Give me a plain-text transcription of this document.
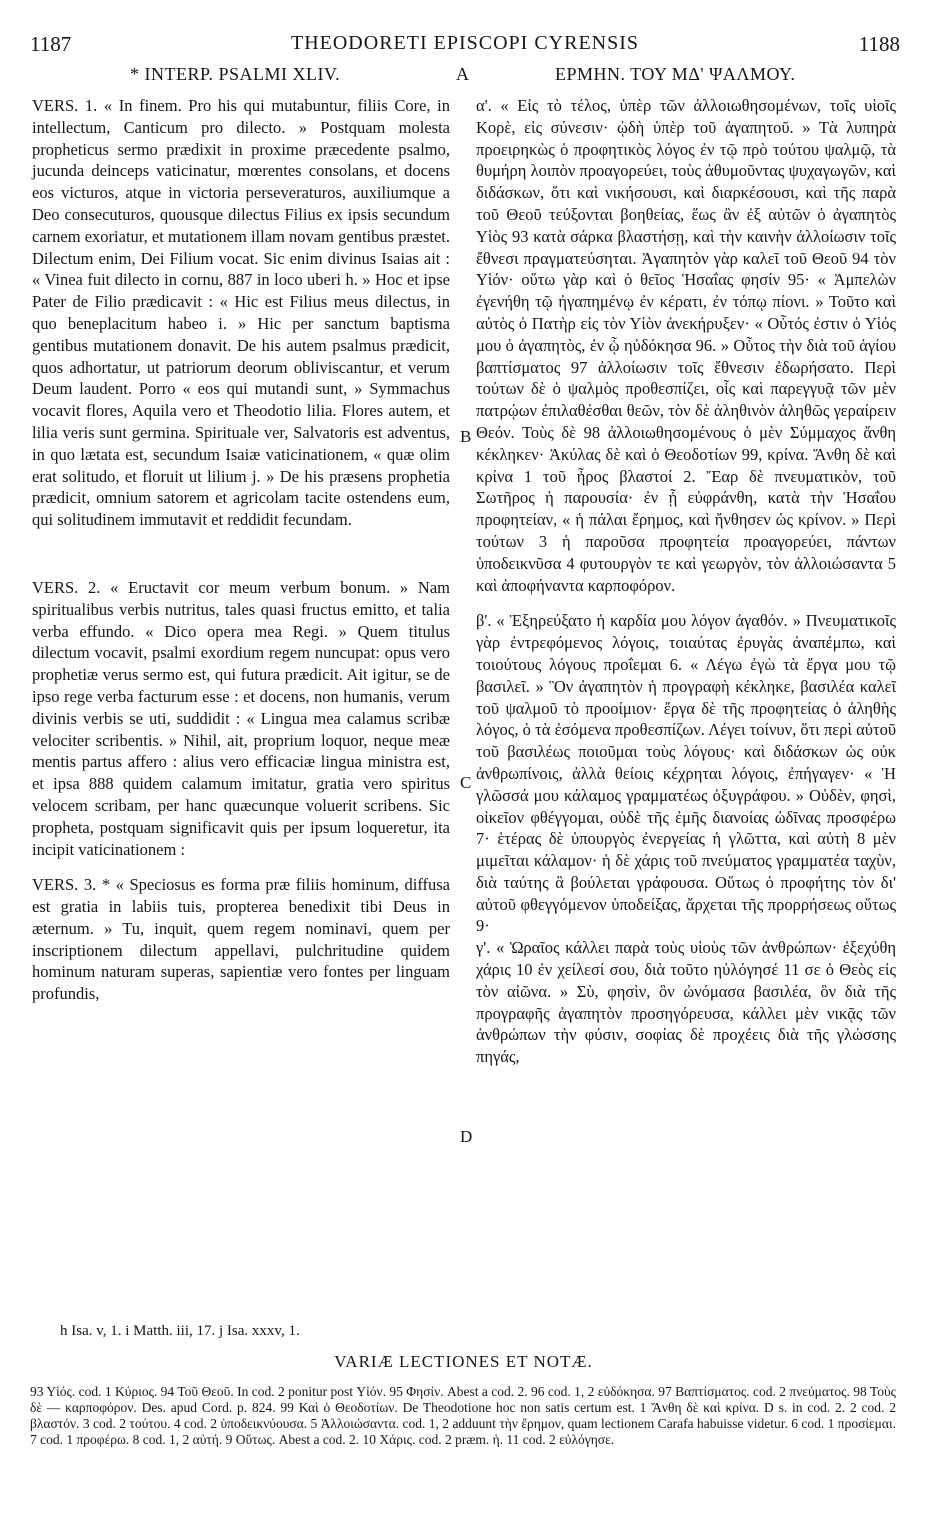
1187	THEODORETI EPISCOPI CYRENSIS	1188
* INTERP. PSALMI XLIV.	A	ΕΡΜΗΝ. ΤΟΥ ΜΔ' ΨΑΛΜΟΥ.

VERS. 1. « In finem. Pro his qui mutabuntur, filiis Core, in intellectum, Canticum pro dilecto. » Postquam molesta propheticus sermo prædixit in proxime præcedente psalmo, jucunda deinceps vaticinatur, mœrentes consolans, et docens eos victuros, atque in victoria perseveraturos, auxiliumque a Deo consecuturos, quousque dilectus Filius ex ipsis secundum carnem exoriatur, et mutationem illam novam gentibus præstet. Dilectum enim, Dei Filium vocat. Sic enim divinus Isaias ait : « Vinea fuit dilecto in cornu, 887 in loco uberi h. » Hoc et ipse Pater de Filio prædicavit : « Hic est Filius meus dilectus, in quo beneplacitum habeo i. » Hic per sanctum baptisma gentibus mutationem donavit. De his autem psalmus prædicit, quos adhortatur, ut patriorum deorum obliviscantur, et verum Deum laudent. Porro « eos qui mutandi sunt, » Symmachus vocavit flores, Aquila vero et Theodotio lilia. Flores autem, et lilia veris sunt germina. Spirituale ver, Salvatoris est adventus, in quo lætata est, secundum Isaiæ vaticinationem, « quæ olim erat solitudo, et floruit ut lilium j. » De his præsens prophetia prædicit, omnium satorem et agricolam tacite ostendens eum, qui solitudinem immutavit et reddidit fecundam.

VERS. 2. « Eructavit cor meum verbum bonum. » Nam spiritualibus verbis nutritus, tales quasi fructus emitto, et talia verba effundo. « Dico opera mea Regi. » Quem titulus dilectum vocavit, psalmi exordium regem nuncupat: opus vero prophetiæ verus sermo est, qui futura prædicit. Ait igitur, se de ipso rege verba facturum esse : et docens, non humanis, verum divinis verbis se uti, suddidit : « Lingua mea calamus scribæ velociter scribentis. » Nihil, ait, proprium loquor, neque meæ mentis partus affero : alius vero efficaciæ lingua ministra est, et ipsa 888 quidem calamum imitatur, gratia vero spiritus velocem scribam, per hanc quæcunque voluerit scribens. Sic propheta, postquam significavit quis per ipsum loqueretur, ita incipit vaticinationem :

VERS. 3. * « Speciosus es forma præ filiis hominum, diffusa est gratia in labiis tuis, propterea benedixit tibi Deus in æternum. » Tu, inquit, quem regem nominavi, quem per inscriptionem dilectum appellavi, pulchritudine quidem hominum naturam superas, sapientiæ vero fontes per linguam profundis,

B
C
D

α'. « Εἰς τὸ τέλος, ὑπὲρ τῶν ἀλλοιωθησομένων, τοῖς υἱοῖς Κορὲ, εἰς σύνεσιν· ᾠδὴ ὑπὲρ τοῦ ἀγαπητοῦ. » Τὰ λυπηρὰ προειρηκὼς ὁ προφητικὸς λόγος ἐν τῷ πρὸ τούτου ψαλμῷ, τὰ θυμήρη λοιπὸν προαγορεύει, τοὺς ἀθυμοῦντας ψυχαγωγῶν, καὶ διδάσκων, ὅτι καὶ νικήσουσι, καὶ διαρκέσουσι, καὶ τῆς παρὰ τοῦ Θεοῦ τεύξονται βοηθείας, ἕως ἂν ἐξ αὐτῶν ὁ ἀγαπητὸς Υἱὸς 93 κατὰ σάρκα βλαστήσῃ, καὶ τὴν καινὴν ἀλλοίωσιν τοῖς ἔθνεσι πραγματεύσηται. Ἀγαπητὸν γὰρ καλεῖ τοῦ Θεοῦ 94 τὸν Υἱόν· οὕτω γὰρ καὶ ὁ θεῖος Ἡσαΐας φησίν 95· « Ἀμπελὼν ἐγενήθη τῷ ἠγαπημένῳ ἐν κέρατι, ἐν τόπῳ πίονι. » Τοῦτο καὶ αὐτὸς ὁ Πατὴρ εἰς τὸν Υἱὸν ἀνεκήρυξεν· « Οὗτός ἐστιν ὁ Υἱός μου ὁ ἀγαπητὸς, ἐν ᾧ ηὐδόκησα 96. » Οὗτος τὴν διὰ τοῦ ἁγίου βαπτίσματος 97 ἀλλοίωσιν τοῖς ἔθνεσιν ἐδωρήσατο. Περὶ τούτων δὲ ὁ ψαλμὸς προθεσπίζει, οἷς καὶ παρεγγυᾷ τῶν μὲν πατρῴων ἐπιλαθέσθαι θεῶν, τὸν δὲ ἀληθινὸν ἀληθῶς γεραίρειν Θεόν. Τοὺς δὲ 98 ἀλλοιωθησομένους ὁ μὲν Σύμμαχος ἄνθη κέκληκεν· Ἀκύλας δὲ καὶ ὁ Θεοδοτίων 99, κρίνα. Ἄνθη δὲ καὶ κρίνα 1 τοῦ ἦρος βλαστοί 2. Ἔαρ δὲ πνευματικὸν, τοῦ Σωτῆρος ἡ παρουσία· ἐν ᾗ εὐφράνθη, κατὰ τὴν Ἡσαΐου προφητείαν, « ἡ πάλαι ἔρημος, καὶ ἤνθησεν ὡς κρίνον. » Περὶ τούτων 3 ἡ παροῦσα προφητεία προαγορεύει, πάντων ὑποδεικνῦσα 4 φυτουργὸν τε καὶ γεωργὸν, τὸν ἀλλοιώσαντα 5 καὶ ἀποφήναντα καρποφόρον.

β'. « Ἐξηρεύξατο ἡ καρδία μου λόγον ἀγαθόν. » Πνευματικοῖς γὰρ ἐντρεφόμενος λόγοις, τοιαύτας ἐρυγὰς ἀναπέμπω, καὶ τοιούτους λόγους προΐεμαι 6. « Λέγω ἐγὼ τὰ ἔργα μου τῷ βασιλεῖ. » Ὃν ἀγαπητὸν ἡ προγραφὴ κέκληκε, βασιλέα καλεῖ τοῦ ψαλμοῦ τὸ προοίμιον· ἔργα δὲ τῆς προφητείας ὁ ἀληθὴς λόγος, ὁ τὰ ἐσόμενα προθεσπίζων. Λέγει τοίνυν, ὅτι περὶ αὐτοῦ τοῦ βασιλέως ποιοῦμαι τοὺς λόγους· καὶ διδάσκων ὡς οὐκ ἀνθρωπίνοις, ἀλλὰ θείοις κέχρηται λόγοις, ἐπήγαγεν· « Ἡ γλῶσσά μου κάλαμος γραμματέως ὀξυγράφου. » Οὐδὲν, φησὶ, οἰκεῖον φθέγγομαι, οὐδὲ τῆς ἐμῆς διανοίας ὠδῖνας προσφέρω 7· ἑτέρας δὲ ὑπουργὸς ἐνεργείας ἡ γλῶττα, καὶ αὐτὴ 8 μὲν μιμεῖται κάλαμον· ἡ δὲ χάρις τοῦ πνεύματος γραμματέα ταχὺν, διὰ ταύτης ἃ βούλεται γράφουσα. Οὕτως ὁ προφήτης τὸν δι' αὐτοῦ φθεγγόμενον ὑποδείξας, ἄρχεται τῆς προρρήσεως οὕτως 9·

γ'. « Ὡραῖος κάλλει παρὰ τοὺς υἱοὺς τῶν ἀνθρώπων· ἐξεχύθη χάρις 10 ἐν χείλεσί σου, διὰ τοῦτο ηὐλόγησέ 11 σε ὁ Θεὸς εἰς τὸν αἰῶνα. » Σὺ, φησὶν, ὃν ὠνόμασα βασιλέα, ὃν διὰ τῆς προγραφῆς ἀγαπητὸν προσηγόρευσα, κάλλει μὲν νικᾷς τῶν ἀνθρώπων τὴν φύσιν, σοφίας δὲ προχέεις διὰ τῆς γλώσσης πηγάς,

h Isa. v, 1. i Matth. iii, 17. j Isa. xxxv, 1.
VARIÆ LECTIONES ET NOTÆ.
93 Υἱός. cod. 1 Κύριος. 94 Τοῦ Θεοῦ. In cod. 2 ponitur post Υἱόν. 95 Φησίν. Abest a cod. 2. 96 cod. 1, 2 εὐδόκησα. 97 Βαπτίσματος. cod. 2 πνεύματος. 98 Τοὺς δὲ — καρποφόρον. Des. apud Cord. p. 824. 99 Καὶ ὁ Θεοδοτίων. De Theodotione hoc non satis certum est. 1 Ἄνθη δὲ καὶ κρίνα. D s. in cod. 2. 2 cod. 2 βλαστόν. 3 cod. 2 τούτου. 4 cod. 2 ὑποδεικνύουσα. 5 Ἀλλοιώσαντα. cod. 1, 2 adduunt τὴν ἔρημον, quam lectionem Carafa habuisse videtur. 6 cod. 1 προσίεμαι. 7 cod. 1 προφέρω. 8 cod. 1, 2 αὐτή. 9 Οὕτως. Abest a cod. 2. 10 Χάρις. cod. 2 præm. ἡ. 11 cod. 2 εὐλόγησε.
